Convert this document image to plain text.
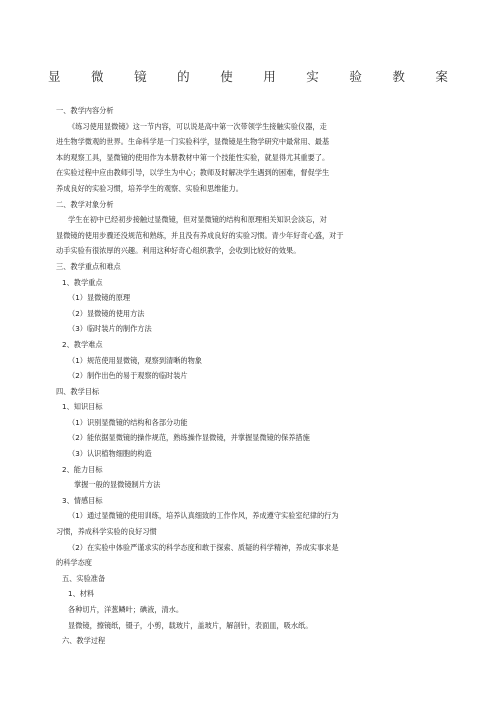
显 微 镜 的 使 用 实 验 教 案
一、教学内容分析
《练习使用显微镜》这一节内容，可以说是高中第一次带领学生接触实验仪器，走
进生物学微观的世界。生命科学是一门实验科学，显微镜是生物学研究中最常用、最基
本的观察工具，显微镜的使用作为本册教材中第一个技能性实验，就显得尤其重要了。
在实验过程中应由教师引导，以学生为中心；教师及时解决学生遇到的困难，督促学生
养成良好的实验习惯，培养学生的观察、实验和思维能力。
二、教学对象分析
学生在初中已经初步接触过显微镜，但对显微镜的结构和原理相关知识会淡忘，对
显微镜的使用步骤还没规范和熟练，并且没有养成良好的实验习惯。青少年好奇心盛，对于
动手实验有很浓厚的兴趣。利用这种好奇心组织教学，会收到比较好的效果。
三、教学重点和难点
1、教学重点
（1）显微镜的原理
（2）显微镜的使用方法
（3）临时装片的制作方法
2、教学难点
（1）规范使用显微镜，观察到清晰的物象
（2）制作出色的易于观察的临时装片
四、教学目标
1、知识目标
（1）识别显微镜的结构和各部分功能
（2）能依据显微镜的操作规范，熟练操作显微镜，并掌握显微镜的保养措施
（3）认识植物细胞的构造
2、能力目标
掌握一般的显微镜制片方法
3、情感目标
（1）通过显微镜的使用训练，培养认真细致的工作作风，养成遵守实验室纪律的行为
习惯，养成科学实验的良好习惯
（2）在实验中体验严谨求实的科学态度和敢于探索、质疑的科学精神，养成实事求是
的科学态度
五、实验准备
1、材料
各种切片，洋葱鳞叶；碘液，清水。
显微镜，擦镜纸，镊子，小剪，载玻片，盖玻片，解剖针，表面皿，吸水纸。
六、教学过程
